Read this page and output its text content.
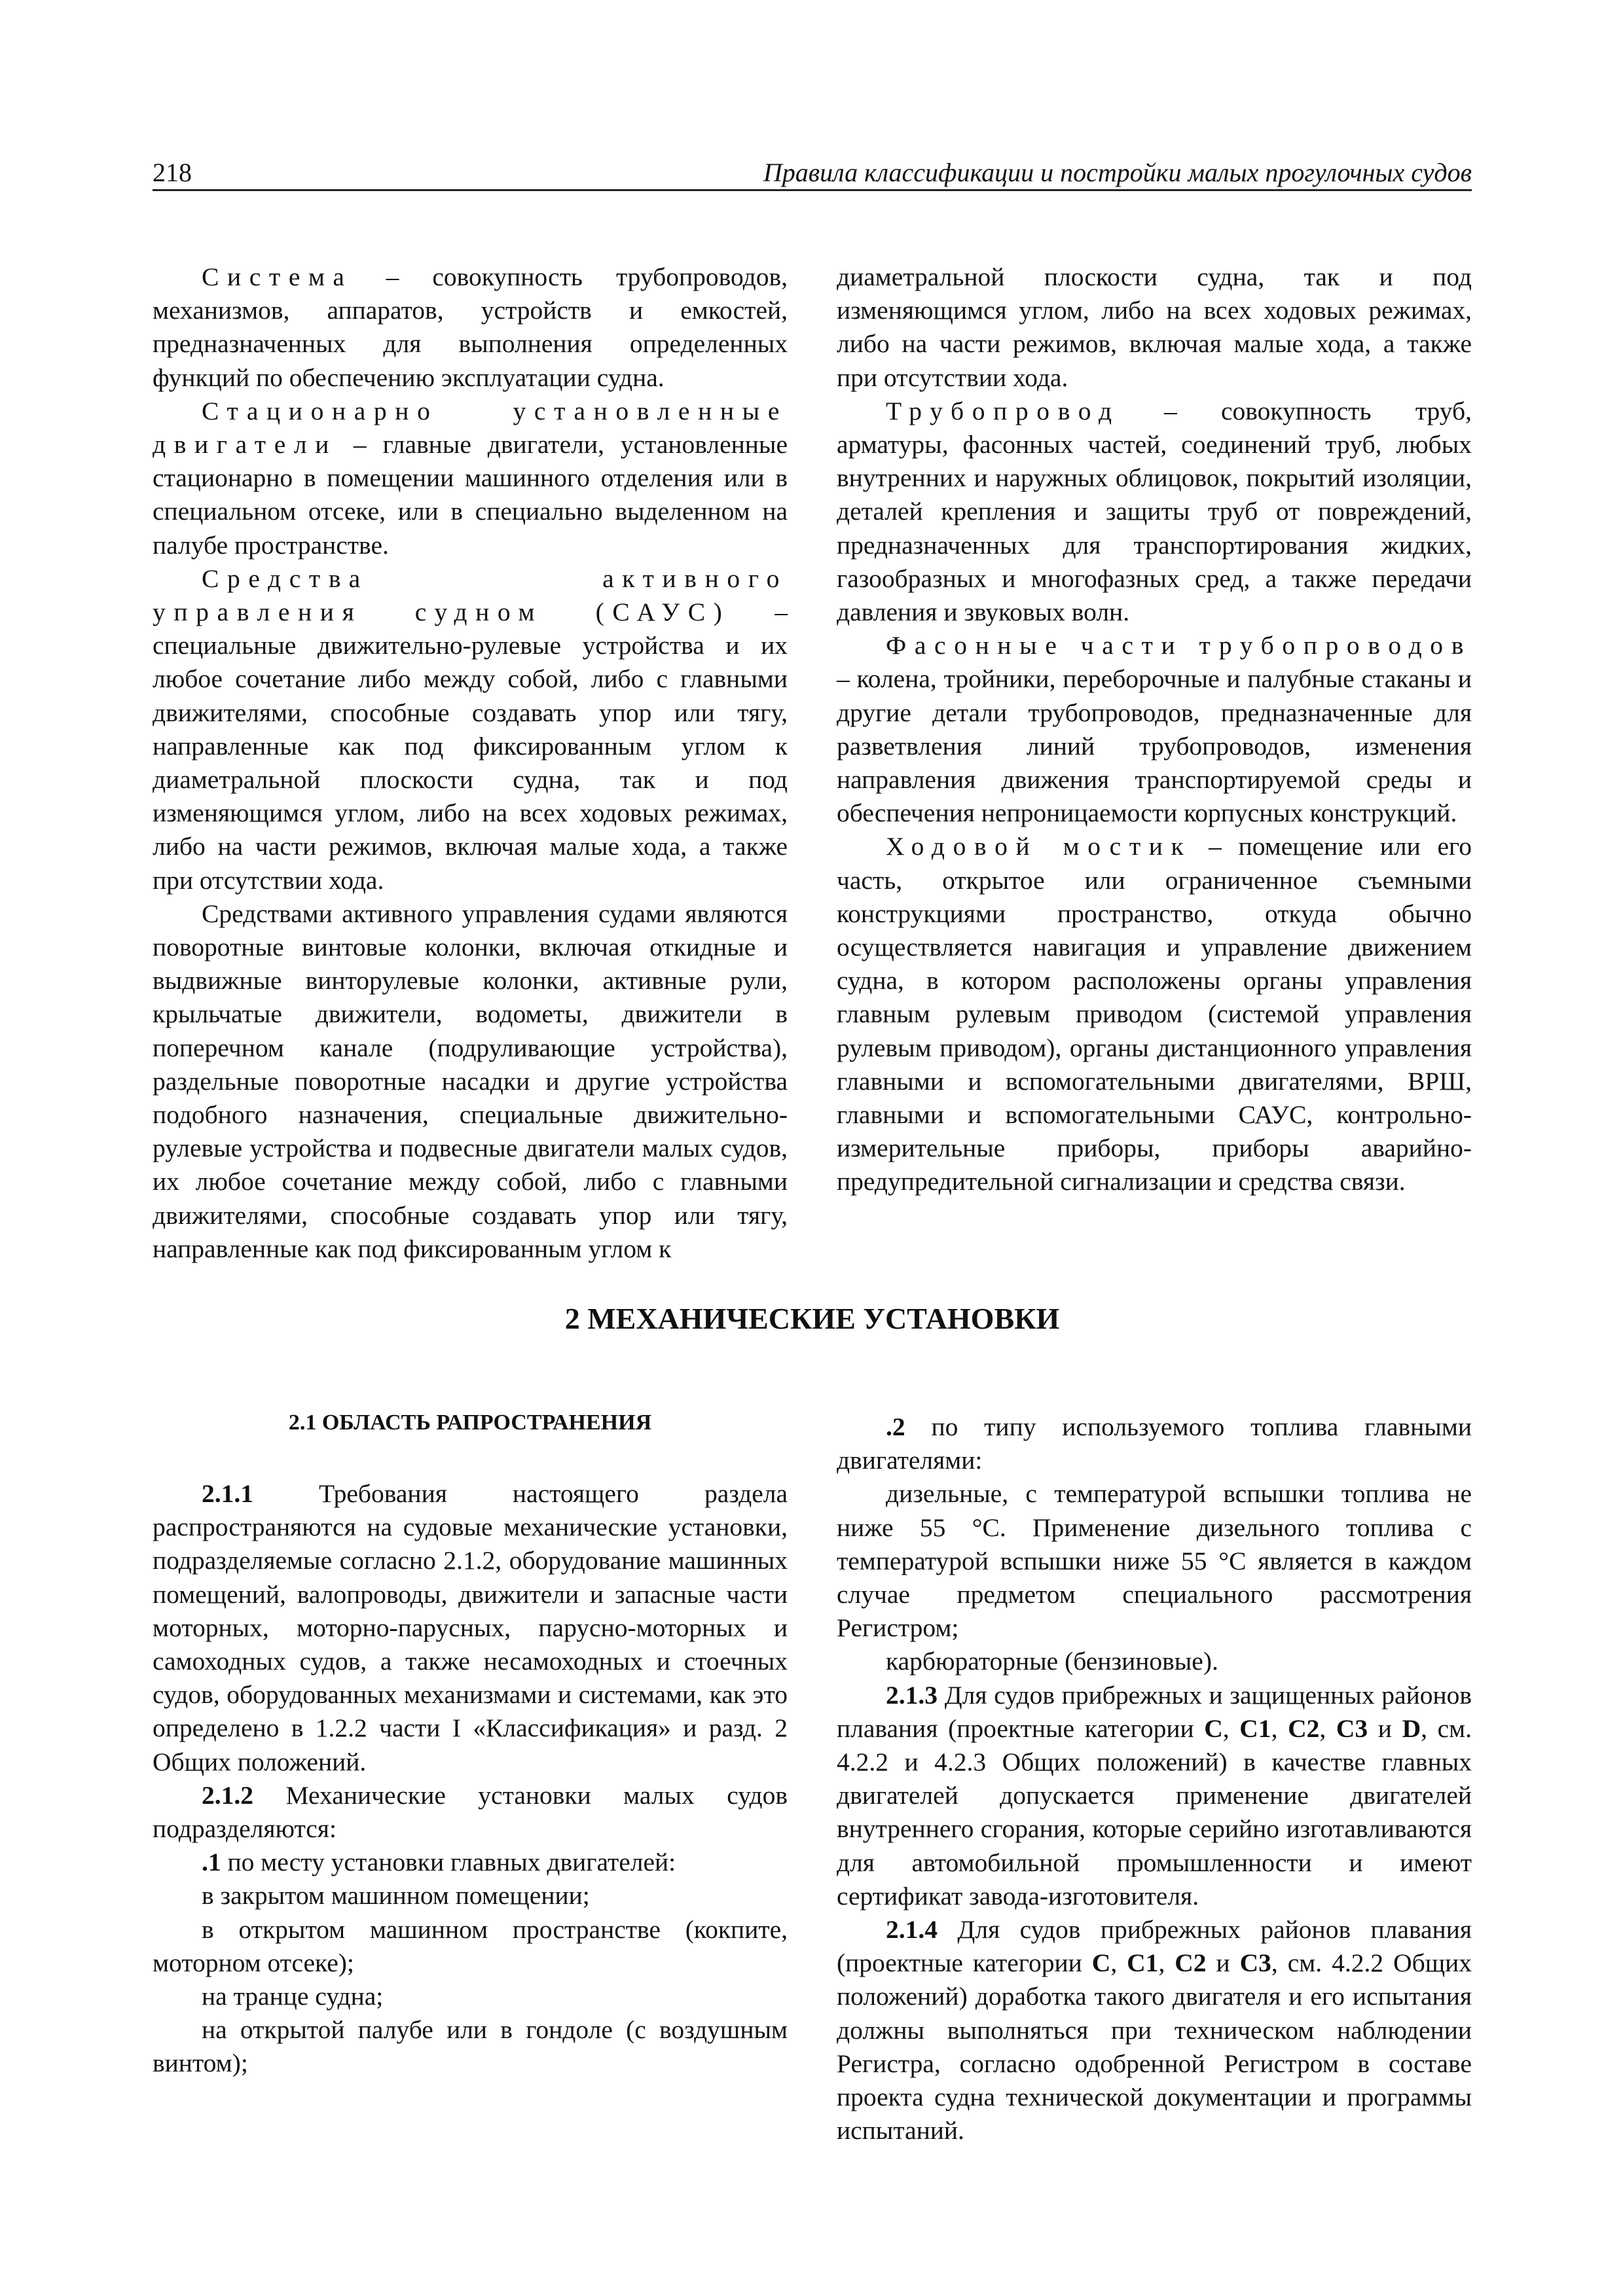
218	Правила классификации и постройки малых прогулочных судов

Система – совокупность трубопроводов, механизмов, аппаратов, устройств и емкостей, предназначенных для выполнения определенных функций по обеспечению эксплуатации судна.

Стационарно установленные двигатели – главные двигатели, установленные стационарно в помещении машинного отделения или в специальном отсеке, или в специально выделенном на палубе пространстве.

Средства активного управления судном (САУС) – специальные движительно-рулевые устройства и их любое сочетание либо между собой, либо с главными движителями, способные создавать упор или тягу, направленные как под фиксированным углом к диаметральной плоскости судна, так и под изменяющимся углом, либо на всех ходовых режимах, либо на части режимов, включая малые хода, а также при отсутствии хода.

Средствами активного управления судами являются поворотные винтовые колонки, включая откидные и выдвижные винторулевые колонки, активные рули, крыльчатые движители, водометы, движители в поперечном канале (подруливающие устройства), раздельные поворотные насадки и другие устройства подобного назначения, специальные движительно-рулевые устройства и подвесные двигатели малых судов, их любое сочетание между собой, либо с главными движителями, способные создавать упор или тягу, направленные как под фиксированным углом к

диаметральной плоскости судна, так и под изменяющимся углом, либо на всех ходовых режимах, либо на части режимов, включая малые хода, а также при отсутствии хода.

Трубопровод – совокупность труб, арматуры, фасонных частей, соединений труб, любых внутренних и наружных облицовок, покрытий изоляции, деталей крепления и защиты труб от повреждений, предназначенных для транспортирования жидких, газообразных и многофазных сред, а также передачи давления и звуковых волн.

Фасонные части трубопроводов – колена, тройники, переборочные и палубные стаканы и другие детали трубопроводов, предназначенные для разветвления линий трубопроводов, изменения направления движения транспортируемой среды и обеспечения непроницаемости корпусных конструкций.

Ходовой мостик – помещение или его часть, открытое или ограниченное съемными конструкциями пространство, откуда обычно осуществляется навигация и управление движением судна, в котором расположены органы управления главным рулевым приводом (системой управления рулевым приводом), органы дистанционного управления главными и вспомогательными двигателями, ВРШ, главными и вспомогательными САУС, контрольно-измерительные приборы, приборы аварийно-предупредительной сигнализации и средства связи.

2 МЕХАНИЧЕСКИЕ УСТАНОВКИ
2.1 ОБЛАСТЬ РАПРОСТРАНЕНИЯ

2.1.1 Требования настоящего раздела распространяются на судовые механические установки, подразделяемые согласно 2.1.2, оборудование машинных помещений, валопроводы, движители и запасные части моторных, моторно-парусных, парусно-моторных и самоходных судов, а также несамоходных и стоечных судов, оборудованных механизмами и системами, как это определено в 1.2.2 части I «Классификация» и разд. 2 Общих положений.

2.1.2 Механические установки малых судов подразделяются:

.1 по месту установки главных двигателей:

в закрытом машинном помещении;

в открытом машинном пространстве (кокпите, моторном отсеке);

на транце судна;

на открытой палубе или в гондоле (с воздушным винтом);

.2 по типу используемого топлива главными двигателями:

дизельные, с температурой вспышки топлива не ниже 55 °C. Применение дизельного топлива с температурой вспышки ниже 55 °C является в каждом случае предметом специального рассмотрения Регистром;

карбюраторные (бензиновые).

2.1.3 Для судов прибрежных и защищенных районов плавания (проектные категории C, C1, C2, C3 и D, см. 4.2.2 и 4.2.3 Общих положений) в качестве главных двигателей допускается применение двигателей внутреннего сгорания, которые серийно изготавливаются для автомобильной промышленности и имеют сертификат завода-изготовителя.

2.1.4 Для судов прибрежных районов плавания (проектные категории C, C1, C2 и C3, см. 4.2.2 Общих положений) доработка такого двигателя и его испытания должны выполняться при техническом наблюдении Регистра, согласно одобренной Регистром в составе проекта судна технической документации и программы испытаний.
